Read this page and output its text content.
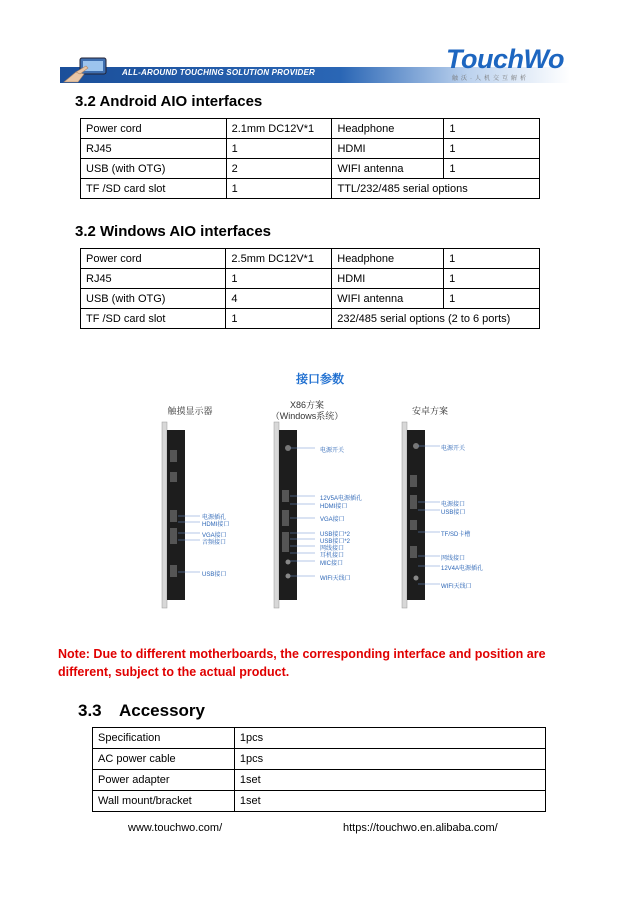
ALL-AROUND TOUCHING SOLUTION PROVIDER	TouchWo
触沃·人机交互解析
3.2 Android AIO interfaces
Power cord	2.1mm DC12V*1	Headphone	1
RJ45	1	HDMI	1
USB (with OTG)	2	WIFI antenna	1
TF /SD card slot	1	TTL/232/485 serial options	
3.2 Windows AIO interfaces
Power cord	2.5mm DC12V*1	Headphone	1
RJ45	1	HDMI	1
USB (with OTG)	4	WIFI antenna	1
TF /SD card slot	1	232/485 serial options (2 to 6 ports)	
接口参数
触摸显示器
X86方案
（Windows系统）	安卓方案
电源插孔
HDMI接口
VGA接口
音频接口
USB接口
电源开关
12V5A电源插孔
HDMI接口
VGA接口
USB接口*2
USB接口*2
网线接口
耳机接口
MIC接口
WIFI天线口
电源开关
电源接口
USB接口
TF/SD卡槽
网线接口
12V4A电源插孔
WIFI天线口
Note: Due to different motherboards, the corresponding interface and position are different, subject to the actual product.
3.3 Accessory
Specification	1pcs
AC power cable	1pcs
Power adapter	1set
Wall mount/bracket	1set
www.touchwo.com/	https://touchwo.en.alibaba.com/
